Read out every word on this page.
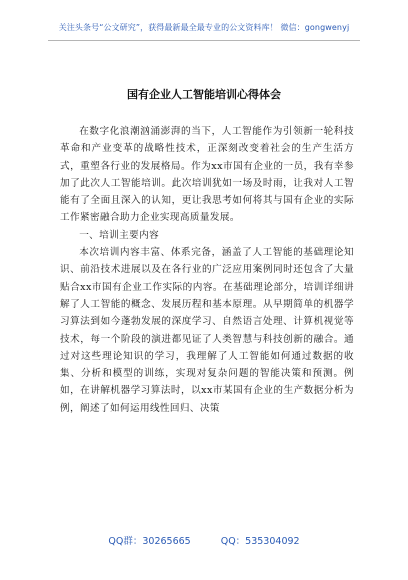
关注头条号“公文研究”，获得最新最全最专业的公文资料库！ 微信：gongwenyj
国有企业人工智能培训心得体会

在数字化浪潮汹涌澎湃的当下，人工智能作为引领新一轮科技革命和产业变革的战略性技术，正深刻改变着社会的生产生活方式，重塑各行业的发展格局。作为xx市国有企业的一员，我有幸参加了此次人工智能培训。此次培训犹如一场及时雨，让我对人工智能有了全面且深入的认知，更让我思考如何将其与国有企业的实际工作紧密融合助力企业实现高质量发展。

一、培训主要内容

本次培训内容丰富、体系完备，涵盖了人工智能的基础理论知识、前沿技术进展以及在各行业的广泛应用案例同时还包含了大量贴合xx市国有企业工作实际的内容。在基础理论部分，培训详细讲解了人工智能的概念、发展历程和基本原理。从早期简单的机器学习算法到如今蓬勃发展的深度学习、自然语言处理、计算机视觉等技术，每一个阶段的演进都见证了人类智慧与科技创新的融合。通过对这些理论知识的学习，我理解了人工智能如何通过数据的收集、分析和模型的训练，实现对复杂问题的智能决策和预测。例如，在讲解机器学习算法时，以xx市某国有企业的生产数据分析为例，阐述了如何运用线性回归、决策

QQ群：30265665	QQ：535304092
